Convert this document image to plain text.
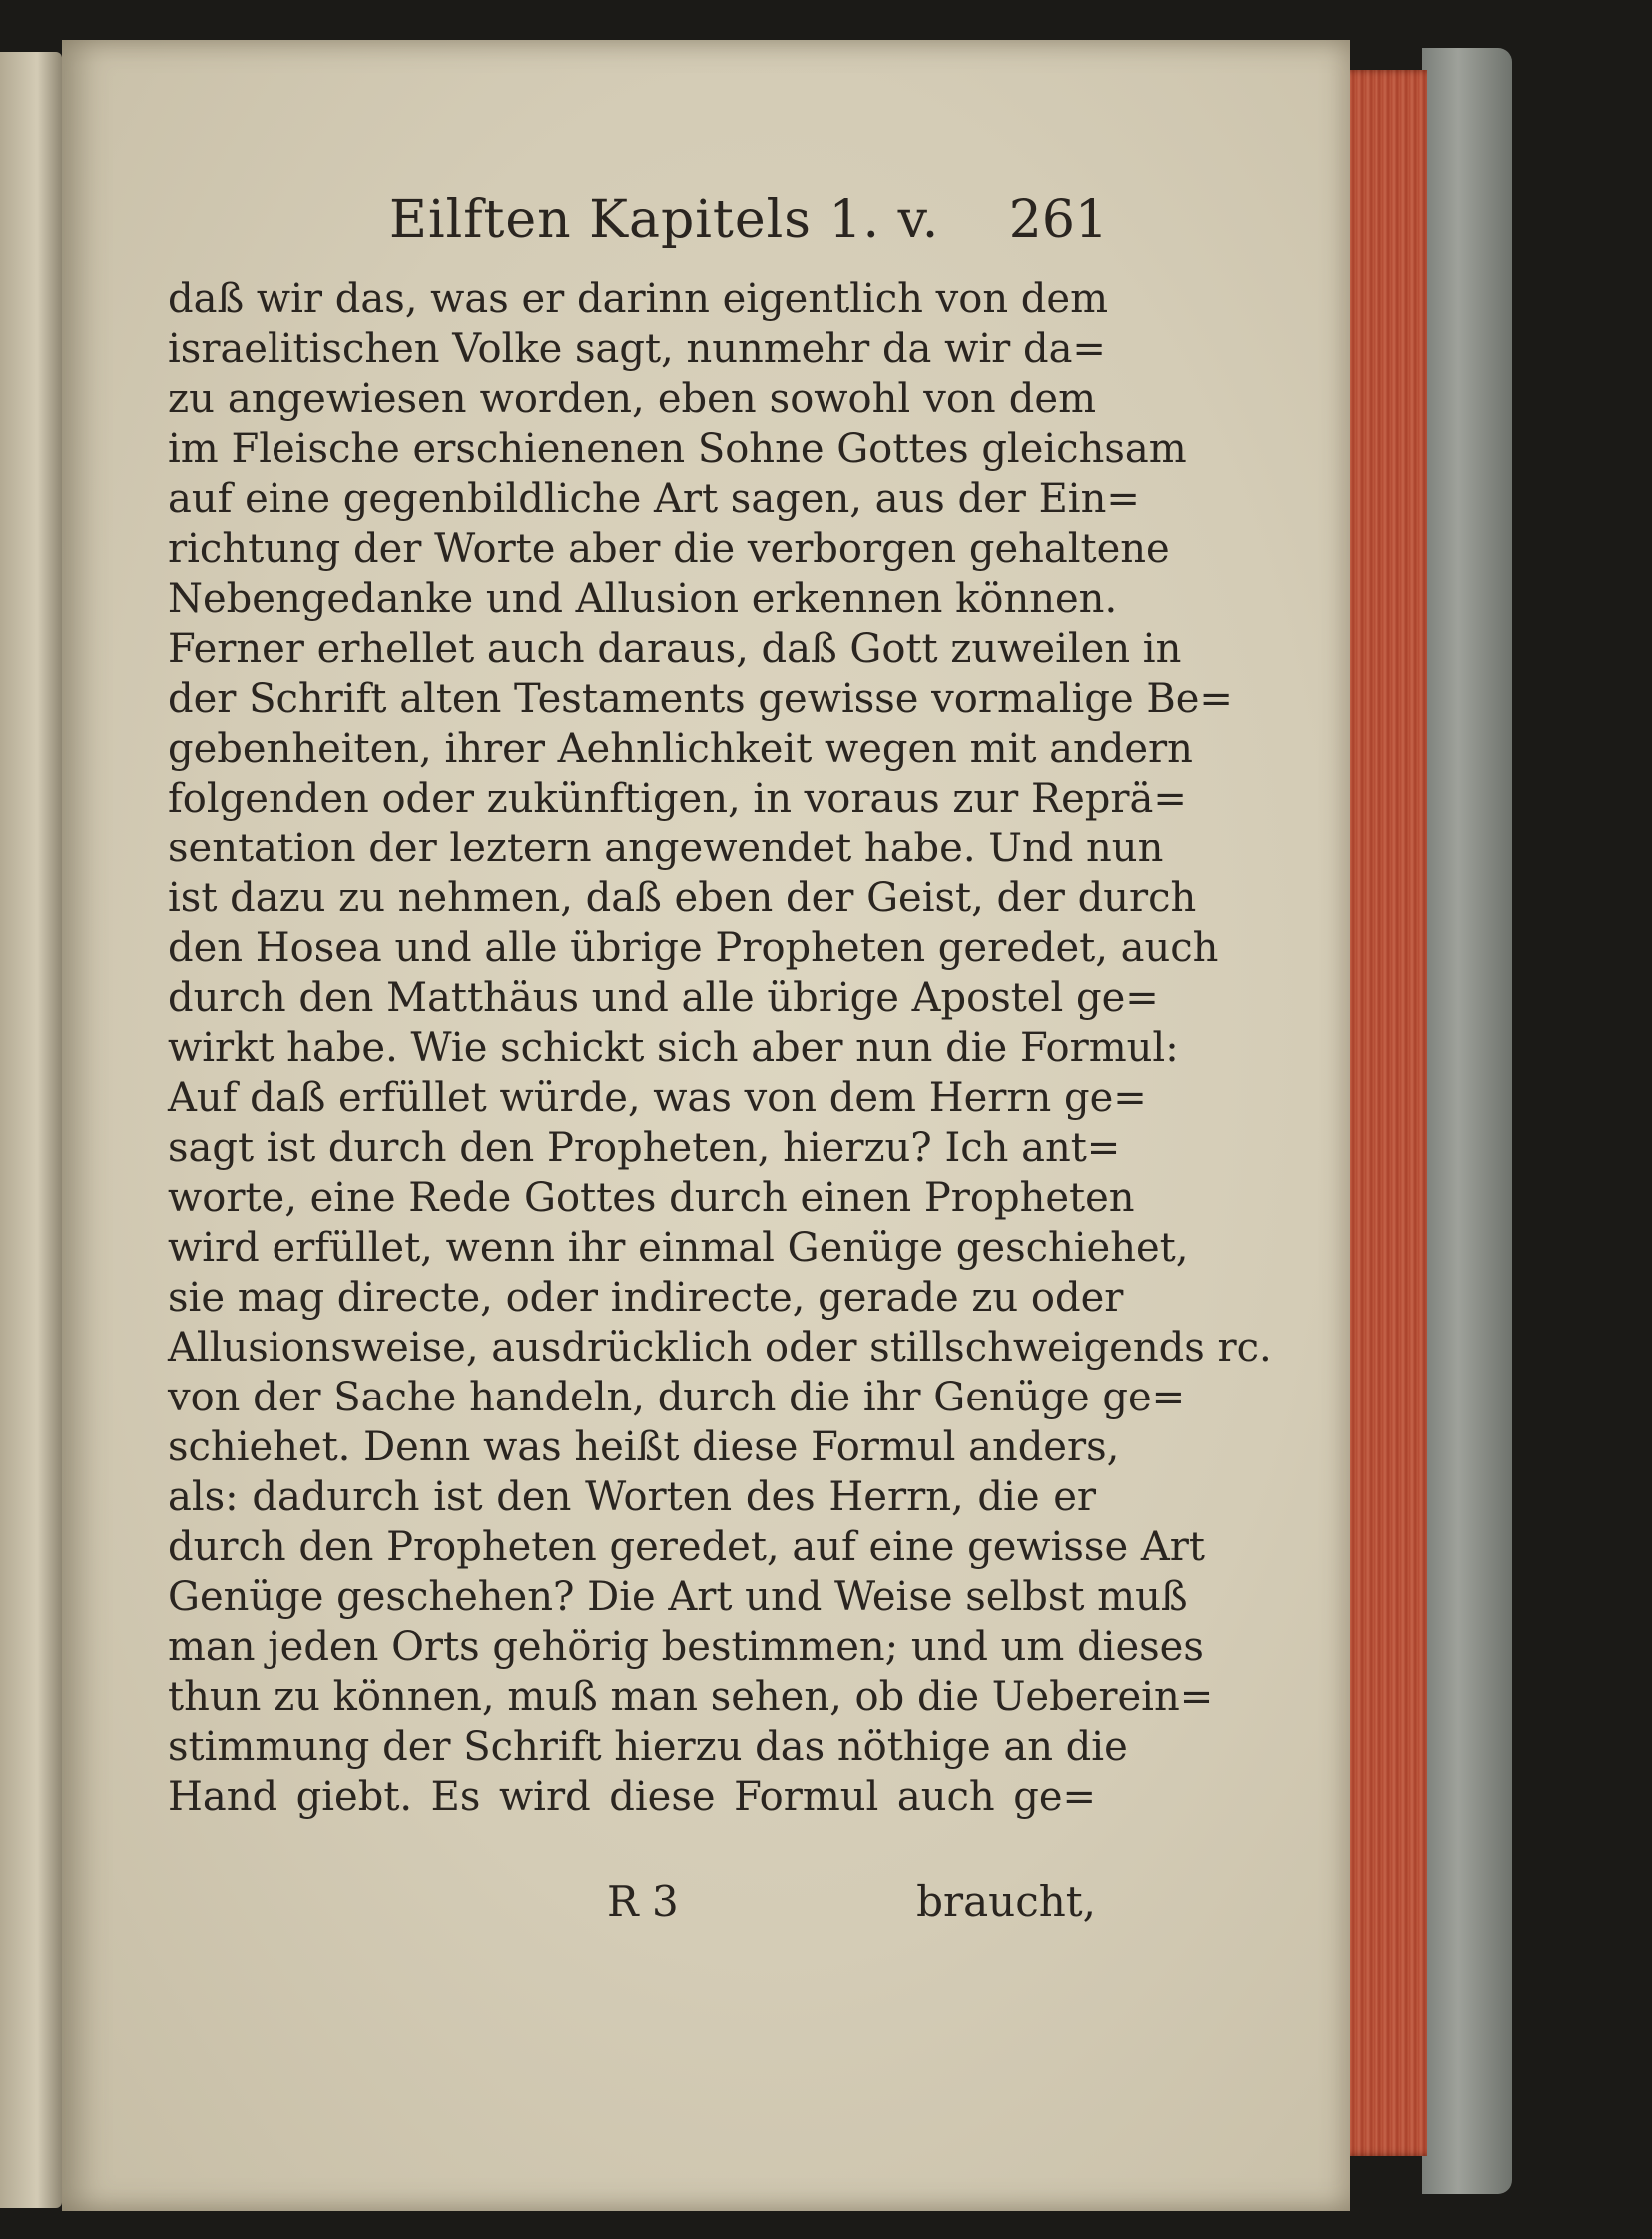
Eilften Kapitels 1. v. 261
daß wir das, was er darinn eigentlich von dem
israelitischen Volke sagt, nunmehr da wir da=
zu angewiesen worden, eben sowohl von dem
im Fleische erschienenen Sohne Gottes gleichsam
auf eine gegenbildliche Art sagen, aus der Ein=
richtung der Worte aber die verborgen gehaltene
Nebengedanke und Allusion erkennen können.
Ferner erhellet auch daraus, daß Gott zuweilen in
der Schrift alten Testaments gewisse vormalige Be=
gebenheiten, ihrer Aehnlichkeit wegen mit andern
folgenden oder zukünftigen, in voraus zur Reprä=
sentation der leztern angewendet habe. Und nun
ist dazu zu nehmen, daß eben der Geist, der durch
den Hosea und alle übrige Propheten geredet, auch
durch den Matthäus und alle übrige Apostel ge=
wirkt habe. Wie schickt sich aber nun die Formul:
Auf daß erfüllet würde, was von dem Herrn ge=
sagt ist durch den Propheten, hierzu? Ich ant=
worte, eine Rede Gottes durch einen Propheten
wird erfüllet, wenn ihr einmal Genüge geschiehet,
sie mag directe, oder indirecte, gerade zu oder
Allusionsweise, ausdrücklich oder stillschweigends rc.
von der Sache handeln, durch die ihr Genüge ge=
schiehet. Denn was heißt diese Formul anders,
als: dadurch ist den Worten des Herrn, die er
durch den Propheten geredet, auf eine gewisse Art
Genüge geschehen? Die Art und Weise selbst muß
man jeden Orts gehörig bestimmen; und um dieses
thun zu können, muß man sehen, ob die Ueberein=
stimmung der Schrift hierzu das nöthige an die
Hand giebt. Es wird diese Formul auch ge=
R 3	braucht,
